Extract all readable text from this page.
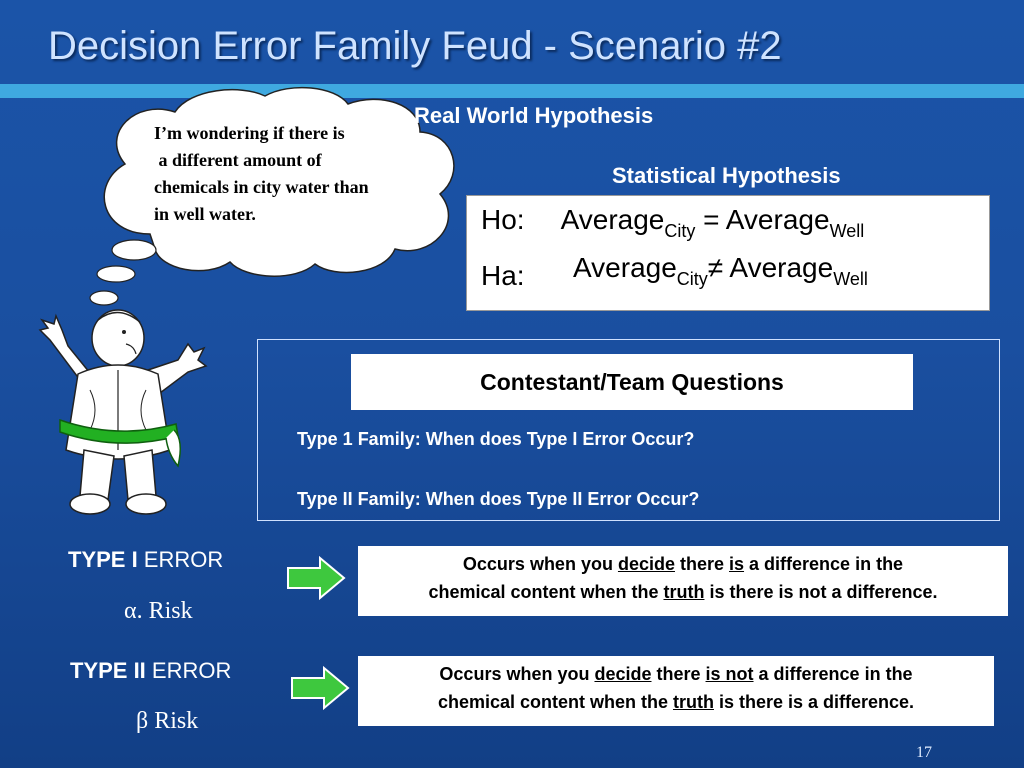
Decision Error Family Feud - Scenario #2
I’m wondering if there is
a different amount of
chemicals in city water than
in well water.
Real World Hypothesis
Statistical Hypothesis
Ho: Average$_{City}$ = Average$_{Well}$
Ha: Average$_{City}$≠ Average$_{Well}$
Contestant/Team Questions
Type 1 Family: When does Type I Error Occur?
Type II Family: When does Type II Error Occur?
TYPE I ERROR
α. Risk
Occurs when you decide there is a difference in the
chemical content when the truth is there is not a difference.
TYPE II ERROR
β Risk
Occurs when you decide there is not a difference in the
chemical content when the truth is there is a difference.
17
